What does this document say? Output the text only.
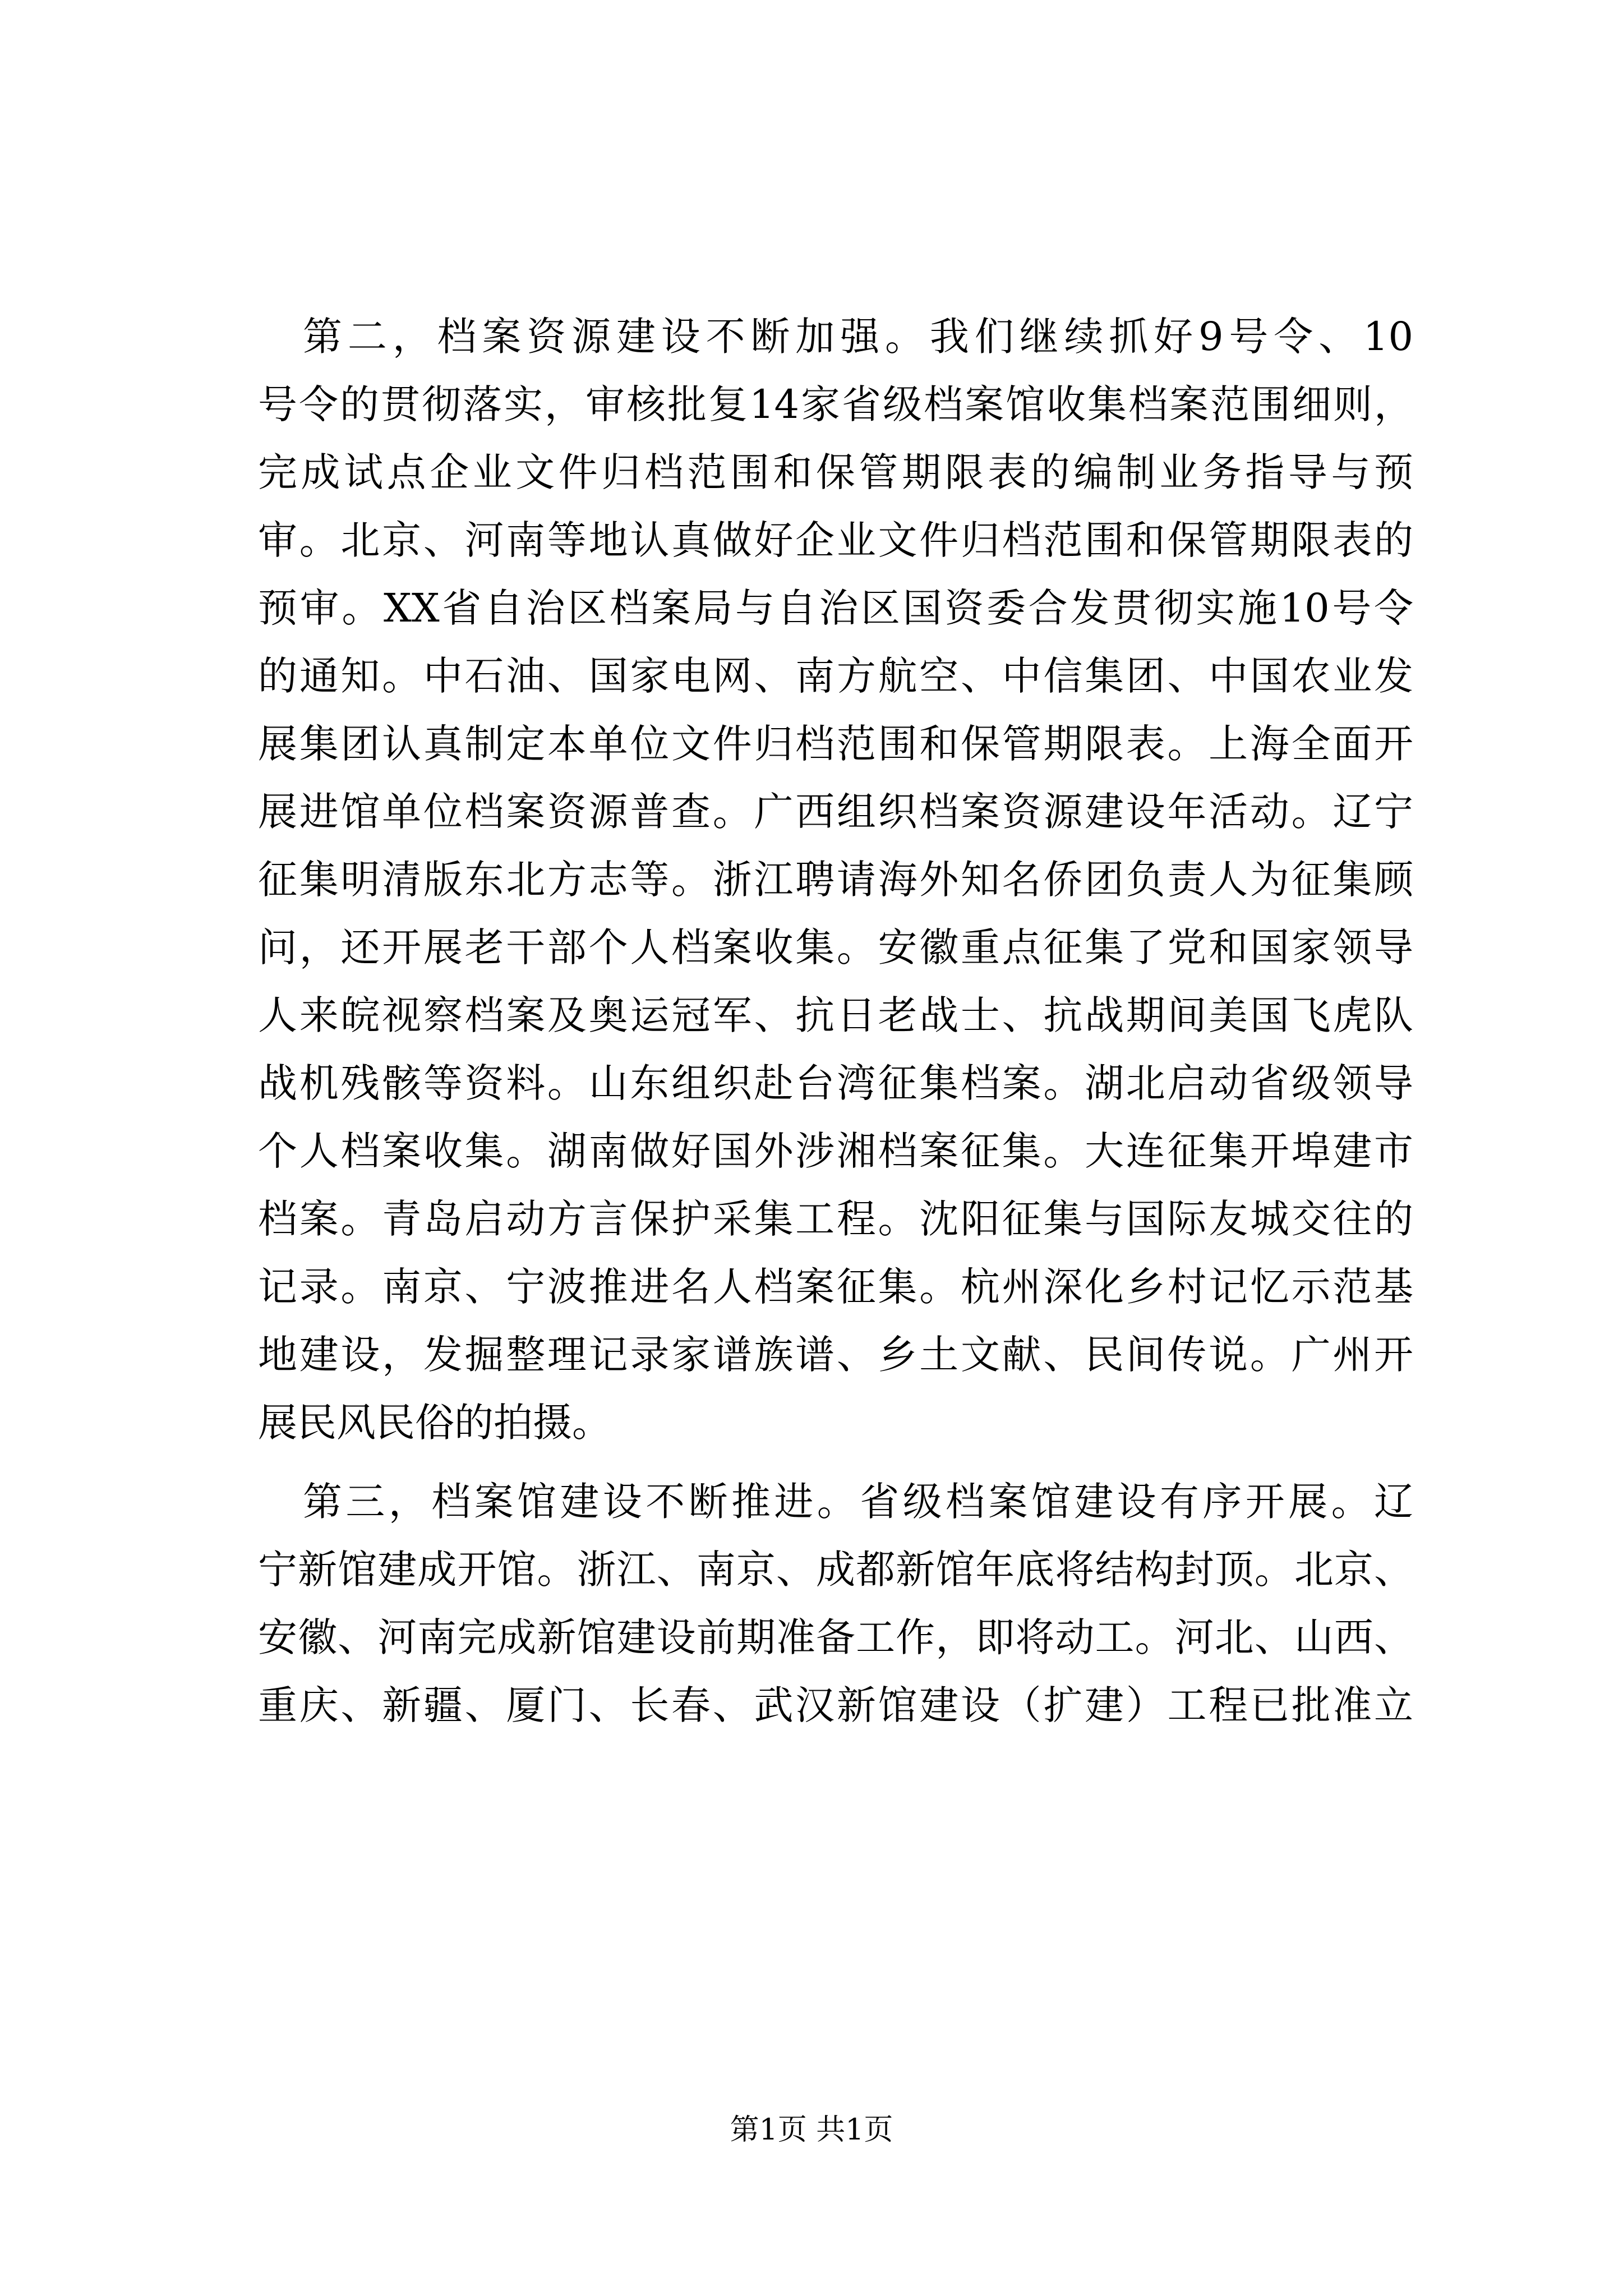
第二，档案资源建设不断加强。我们继续抓好9号令、10
号令的贯彻落实，审核批复14家省级档案馆收集档案范围细则，
完成试点企业文件归档范围和保管期限表的编制业务指导与预
审。北京、河南等地认真做好企业文件归档范围和保管期限表的
预审。XX省自治区档案局与自治区国资委合发贯彻实施10号令
的通知。中石油、国家电网、南方航空、中信集团、中国农业发
展集团认真制定本单位文件归档范围和保管期限表。上海全面开
展进馆单位档案资源普查。广西组织档案资源建设年活动。辽宁
征集明清版东北方志等。浙江聘请海外知名侨团负责人为征集顾
问，还开展老干部个人档案收集。安徽重点征集了党和国家领导
人来皖视察档案及奥运冠军、抗日老战士、抗战期间美国飞虎队
战机残骸等资料。山东组织赴台湾征集档案。湖北启动省级领导
个人档案收集。湖南做好国外涉湘档案征集。大连征集开埠建市
档案。青岛启动方言保护采集工程。沈阳征集与国际友城交往的
记录。南京、宁波推进名人档案征集。杭州深化乡村记忆示范基
地建设，发掘整理记录家谱族谱、乡土文献、民间传说。广州开
展民风民俗的拍摄。
第三，档案馆建设不断推进。省级档案馆建设有序开展。辽
宁新馆建成开馆。浙江、南京、成都新馆年底将结构封顶。北京、
安徽、河南完成新馆建设前期准备工作，即将动工。河北、山西、
重庆、新疆、厦门、长春、武汉新馆建设（扩建）工程已批准立
第1页 共1页
